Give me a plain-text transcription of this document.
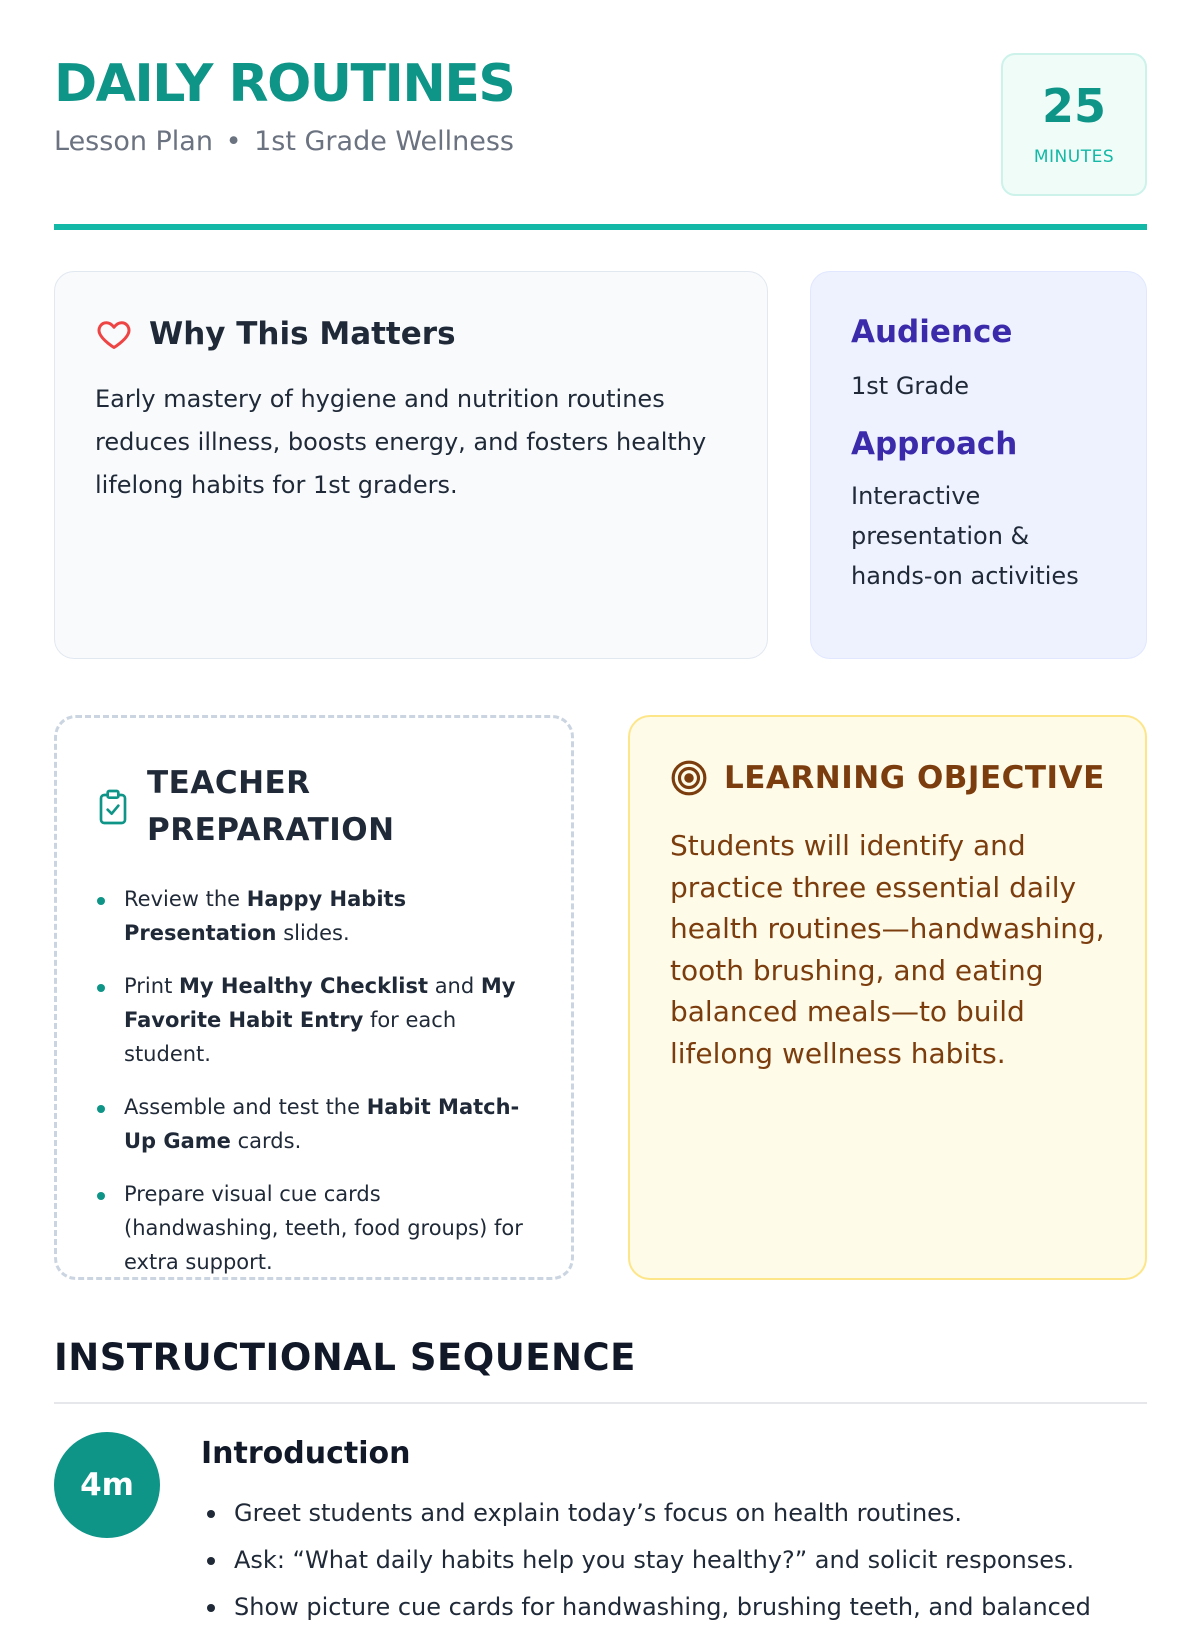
DAILY ROUTINES
Lesson Plan • 1st Grade Wellness
25
MINUTES
Why This Matters

Early mastery of hygiene and nutrition routines reduces illness, boosts energy, and fosters healthy lifelong habits for 1st graders.

Audience
1st Grade
Approach
Interactive presentation & hands-on activities
TEACHER
PREPARATION
Review the Happy Habits Presentation slides.
Print My Healthy Checklist and My Favorite Habit Entry for each student.
Assemble and test the Habit Match-Up Game cards.
Prepare visual cue cards (handwashing, teeth, food groups) for extra support.
LEARNING OBJECTIVE

Students will identify and practice three essential daily health routines—handwashing, tooth brushing, and eating balanced meals—to build lifelong wellness habits.

INSTRUCTIONAL SEQUENCE
4m
Introduction
Greet students and explain today’s focus on health routines.
Ask: “What daily habits help you stay healthy?” and solicit responses.
Show picture cue cards for handwashing, brushing teeth, and balanced
